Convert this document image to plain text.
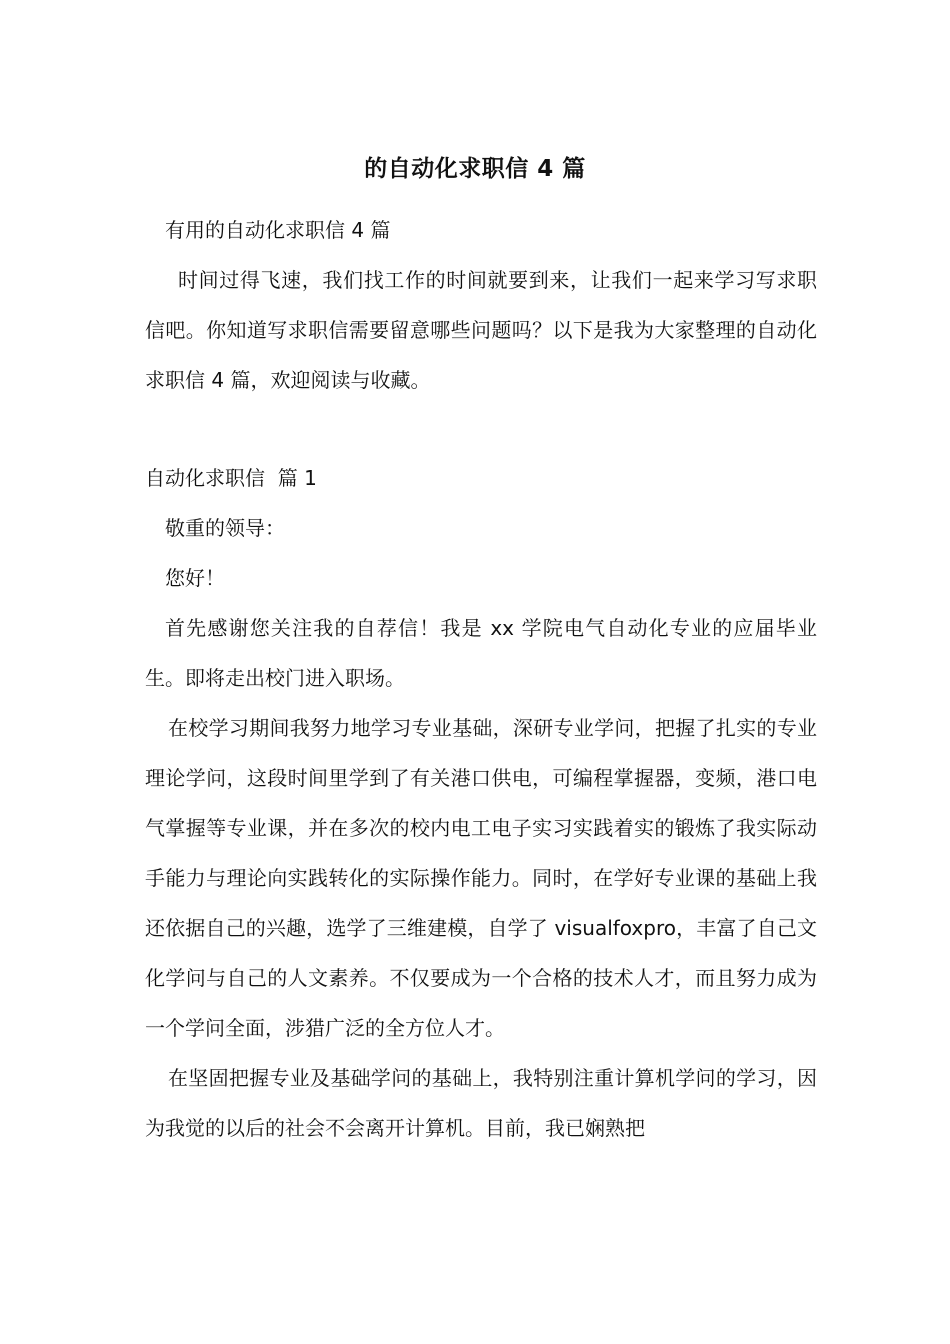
的自动化求职信 4 篇

有用的自动化求职信 4 篇

时间过得飞速，我们找工作的时间就要到来，让我们一起来学习写求职信吧。你知道写求职信需要留意哪些问题吗？以下是我为大家整理的自动化求职信 4 篇，欢迎阅读与收藏。

自动化求职信  篇 1

敬重的领导：

您好！

首先感谢您关注我的自荐信！我是 xx 学院电气自动化专业的应届毕业生。即将走出校门进入职场。

在校学习期间我努力地学习专业基础，深研专业学问，把握了扎实的专业理论学问，这段时间里学到了有关港口供电，可编程掌握器，变频，港口电气掌握等专业课，并在多次的校内电工电子实习实践着实的锻炼了我实际动手能力与理论向实践转化的实际操作能力。同时，在学好专业课的基础上我还依据自己的兴趣，选学了三维建模，自学了 visualfoxpro，丰富了自己文化学问与自己的人文素养。不仅要成为一个合格的技术人才，而且努力成为一个学问全面，涉猎广泛的全方位人才。

在坚固把握专业及基础学问的基础上，我特别注重计算机学问的学习，因为我觉的以后的社会不会离开计算机。目前，我已娴熟把
